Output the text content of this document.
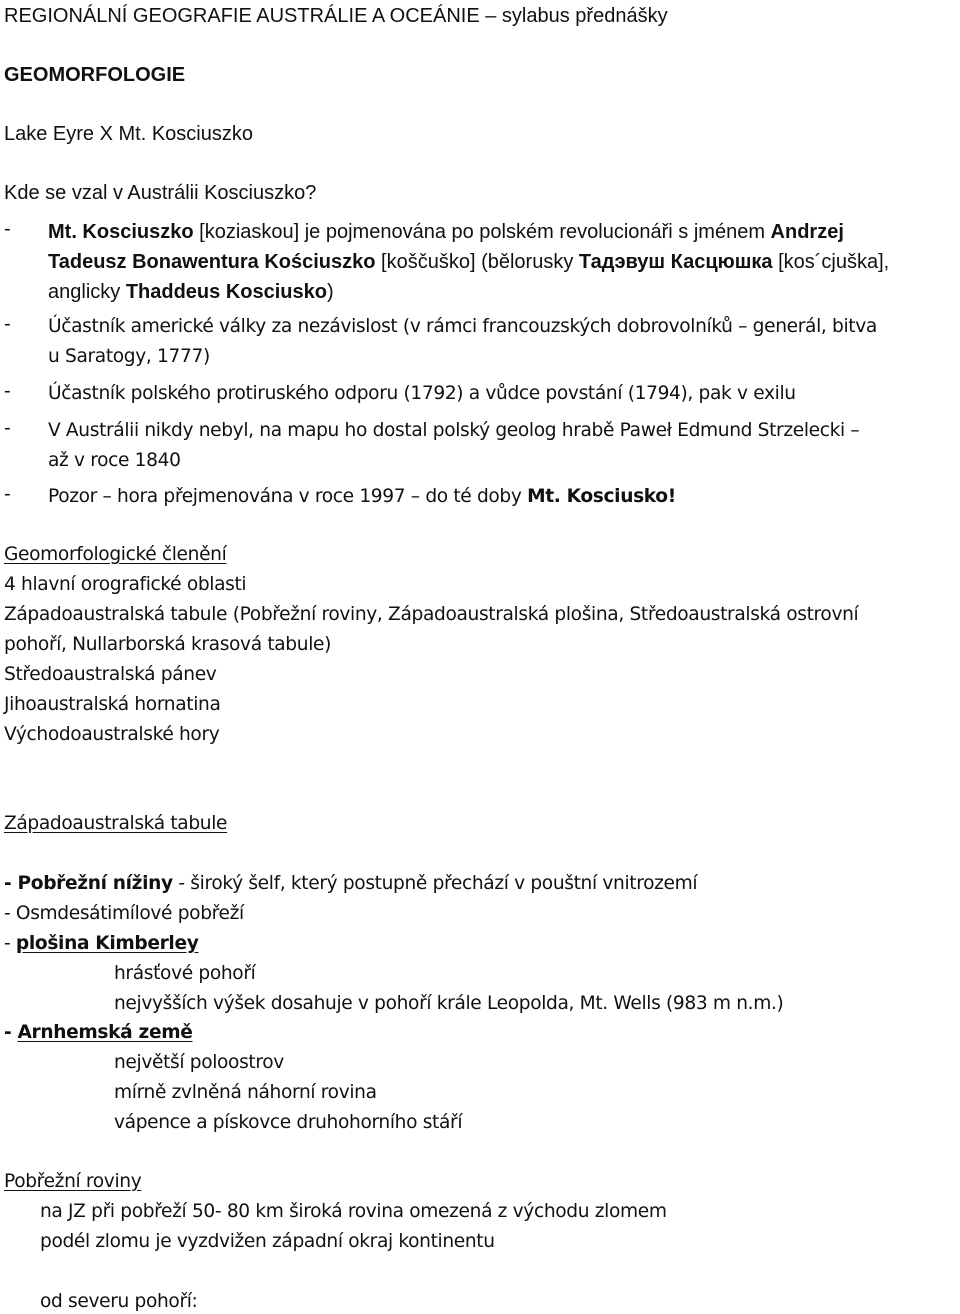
REGIONÁLNÍ GEOGRAFIE AUSTRÁLIE A OCEÁNIE – sylabus přednášky
GEOMORFOLOGIE
Lake Eyre X Mt. Kosciuszko
Kde se vzal v Austrálii Kosciuszko?
- Mt. Kosciuszko [koziaskou] je pojmenována po polském revolucionáři s jménem Andrzej
Tadeusz Bonawentura Kościuszko [koščuško] (bělorusky Тадэвуш Касцюшка [kos´cjuška],
anglicky Thaddeus Kosciusko)
- Účastník americké války za nezávislost (v rámci francouzských dobrovolníků – generál, bitva
u Saratogy, 1777)
- Účastník polského protiruského odporu (1792) a vůdce povstání (1794), pak v exilu
- V Austrálii nikdy nebyl, na mapu ho dostal polský geolog hrabě Paweł Edmund Strzelecki –
až v roce 1840
- Pozor – hora přejmenována v roce 1997 – do té doby Mt. Kosciusko!
Geomorfologické členění
4 hlavní orografické oblasti
Západoaustralská tabule (Pobřežní roviny, Západoaustralská plošina, Středoaustralská ostrovní
pohoří, Nullarborská krasová tabule)
Středoaustralská pánev
Jihoaustralská hornatina
Východoaustralské hory
Západoaustralská tabule
- Pobřežní nížiny - široký šelf, který postupně přechází v pouštní vnitrozemí
- Osmdesátimílové pobřeží
- plošina Kimberley
hrásťové pohoří
nejvyšších výšek dosahuje v pohoří krále Leopolda, Mt. Wells (983 m n.m.)
- Arnhemská země
největší poloostrov
mírně zvlněná náhorní rovina
vápence a pískovce druhohorního stáří
Pobřežní roviny
na JZ při pobřeží 50- 80 km široká rovina omezená z východu zlomem
podél zlomu je vyzdvižen západní okraj kontinentu
od severu pohoří:
